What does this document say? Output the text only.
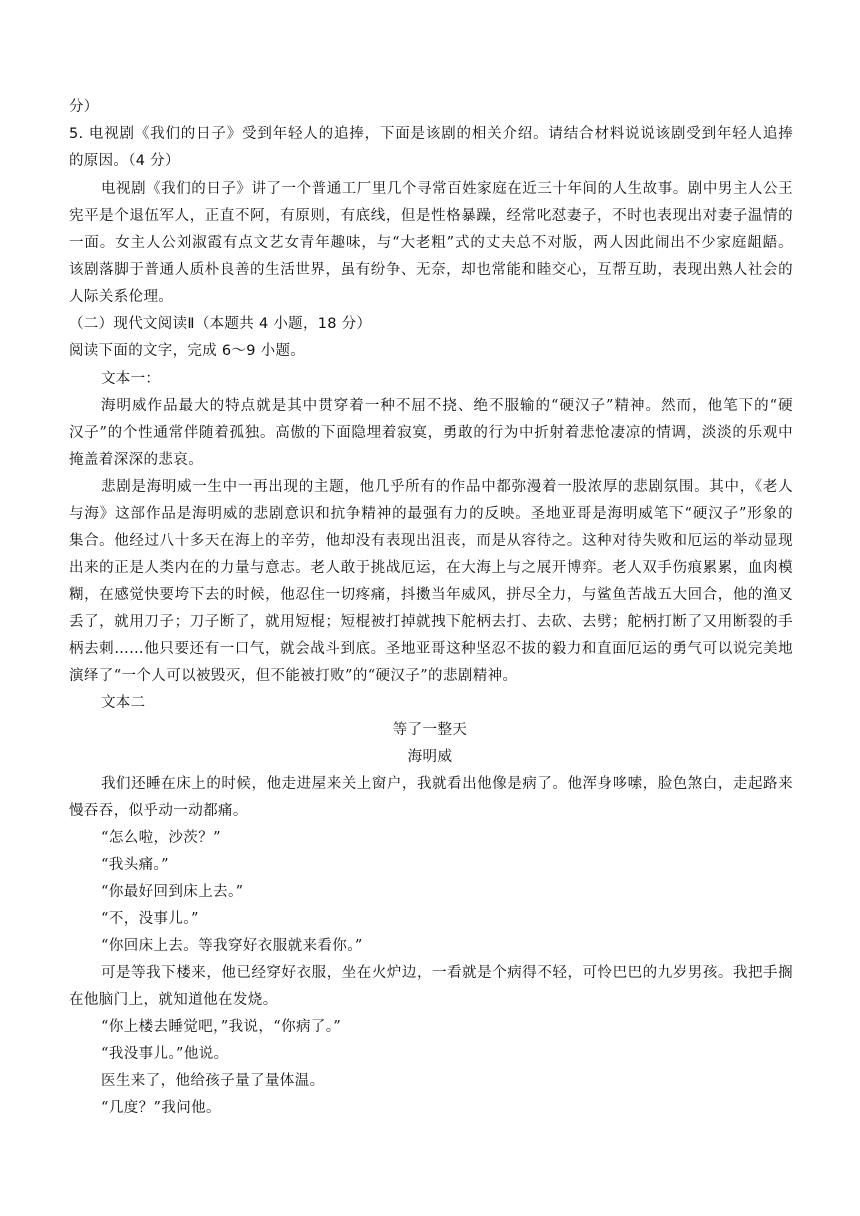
分）
5. 电视剧《我们的日子》受到年轻人的追捧，下面是该剧的相关介绍。请结合材料说说该剧受到年轻人追捧
的原因。（4 分）
电视剧《我们的日子》讲了一个普通工厂里几个寻常百姓家庭在近三十年间的人生故事。剧中男主人公王
宪平是个退伍军人，正直不阿，有原则，有底线，但是性格暴躁，经常叱怼妻子，不时也表现出对妻子温情的
一面。女主人公刘淑霞有点文艺女青年趣味，与“大老粗”式的丈夫总不对版，两人因此闹出不少家庭龃龉。
该剧落脚于普通人质朴良善的生活世界，虽有纷争、无奈，却也常能和睦交心，互帮互助，表现出熟人社会的
人际关系伦理。
（二）现代文阅读Ⅱ（本题共 4 小题，18 分）
阅读下面的文字，完成 6～9 小题。
文本一：
海明威作品最大的特点就是其中贯穿着一种不屈不挠、绝不服输的“硬汉子”精神。然而，他笔下的“硬
汉子”的个性通常伴随着孤独。高傲的下面隐埋着寂寞，勇敢的行为中折射着悲怆凄凉的情调，淡淡的乐观中
掩盖着深深的悲哀。
悲剧是海明威一生中一再出现的主题，他几乎所有的作品中都弥漫着一股浓厚的悲剧氛围。其中，《老人
与海》这部作品是海明威的悲剧意识和抗争精神的最强有力的反映。圣地亚哥是海明威笔下“硬汉子”形象的
集合。他经过八十多天在海上的辛劳，他却没有表现出沮丧，而是从容待之。这种对待失败和厄运的举动显现
出来的正是人类内在的力量与意志。老人敢于挑战厄运，在大海上与之展开博弈。老人双手伤痕累累，血肉模
糊，在感觉快要垮下去的时候，他忍住一切疼痛，抖擞当年威风，拼尽全力，与鲨鱼苦战五大回合，他的渔叉
丢了，就用刀子；刀子断了，就用短棍；短棍被打掉就拽下舵柄去打、去砍、去劈；舵柄打断了又用断裂的手
柄去刺……他只要还有一口气，就会战斗到底。圣地亚哥这种坚忍不拔的毅力和直面厄运的勇气可以说完美地
演绎了“一个人可以被毁灭，但不能被打败”的“硬汉子”的悲剧精神。
文本二
等了一整天
海明威
我们还睡在床上的时候，他走进屋来关上窗户，我就看出他像是病了。他浑身哆嗦，脸色煞白，走起路来
慢吞吞，似乎动一动都痛。
“怎么啦，沙茨？”
“我头痛。”
“你最好回到床上去。”
“不，没事儿。”
“你回床上去。等我穿好衣服就来看你。”
可是等我下楼来，他已经穿好衣服，坐在火炉边，一看就是个病得不轻，可怜巴巴的九岁男孩。我把手搁
在他脑门上，就知道他在发烧。
“你上楼去睡觉吧，”我说，“你病了。”
“我没事儿。”他说。
医生来了，他给孩子量了量体温。
“几度？”我问他。
